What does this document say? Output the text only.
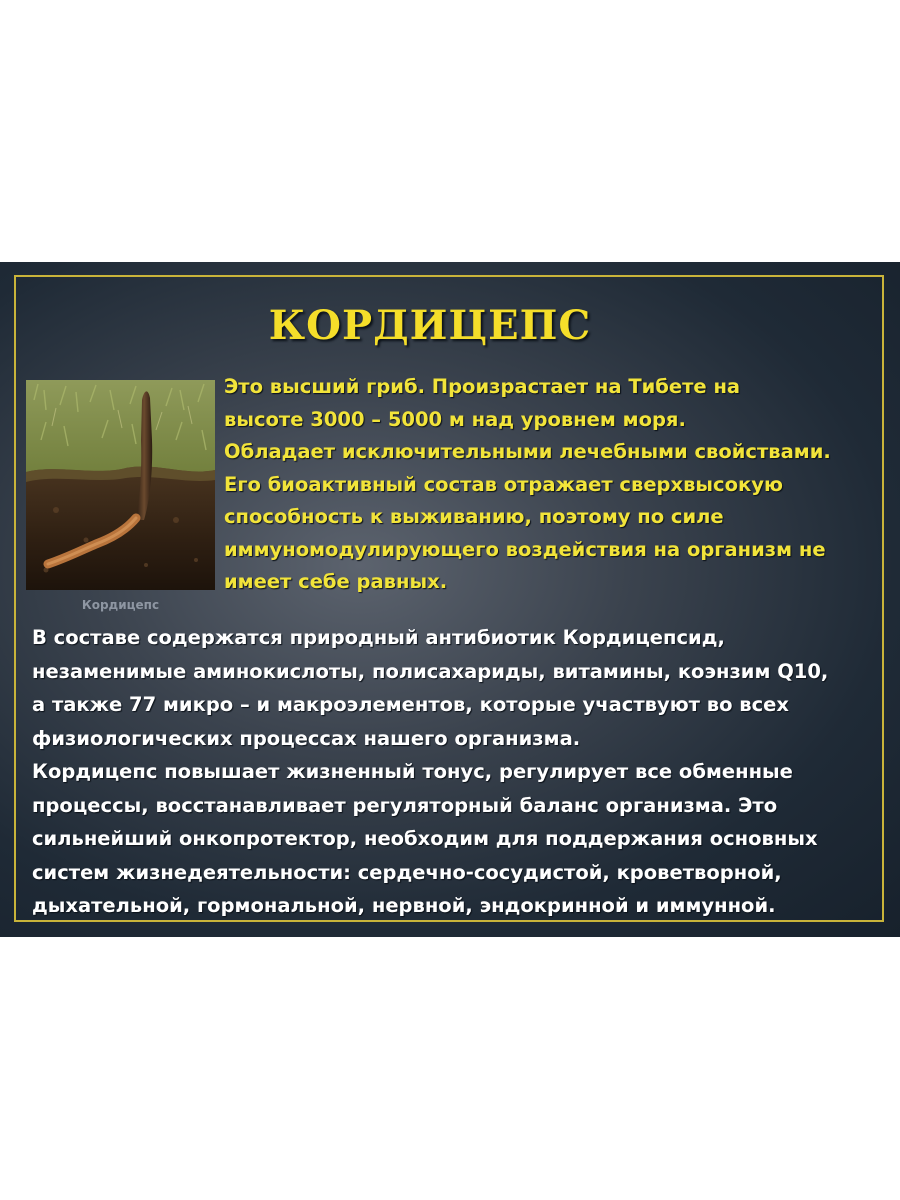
КОРДИЦЕПС
Кордицепс

Это высший гриб. Произрастает на Тибете на
высоте 3000 – 5000 м над уровнем моря.
Обладает исключительными лечебными свойствами.
Его биоактивный состав отражает сверхвысокую
способность к выживанию, поэтому по силе
иммуномодулирующего воздействия на организм не
имеет себе равных.

В составе содержатся природный антибиотик Кордицепсид,
незаменимые аминокислоты, полисахариды, витамины, коэнзим Q10,
а также 77 микро – и макроэлементов, которые участвуют во всех
физиологических процессах нашего организма.
Кордицепс повышает жизненный тонус, регулирует все обменные
процессы, восстанавливает регуляторный баланс организма. Это
сильнейший онкопротектор, необходим для поддержания основных
систем жизнедеятельности: сердечно-сосудистой, кроветворной,
дыхательной, гормональной, нервной, эндокринной и иммунной.
